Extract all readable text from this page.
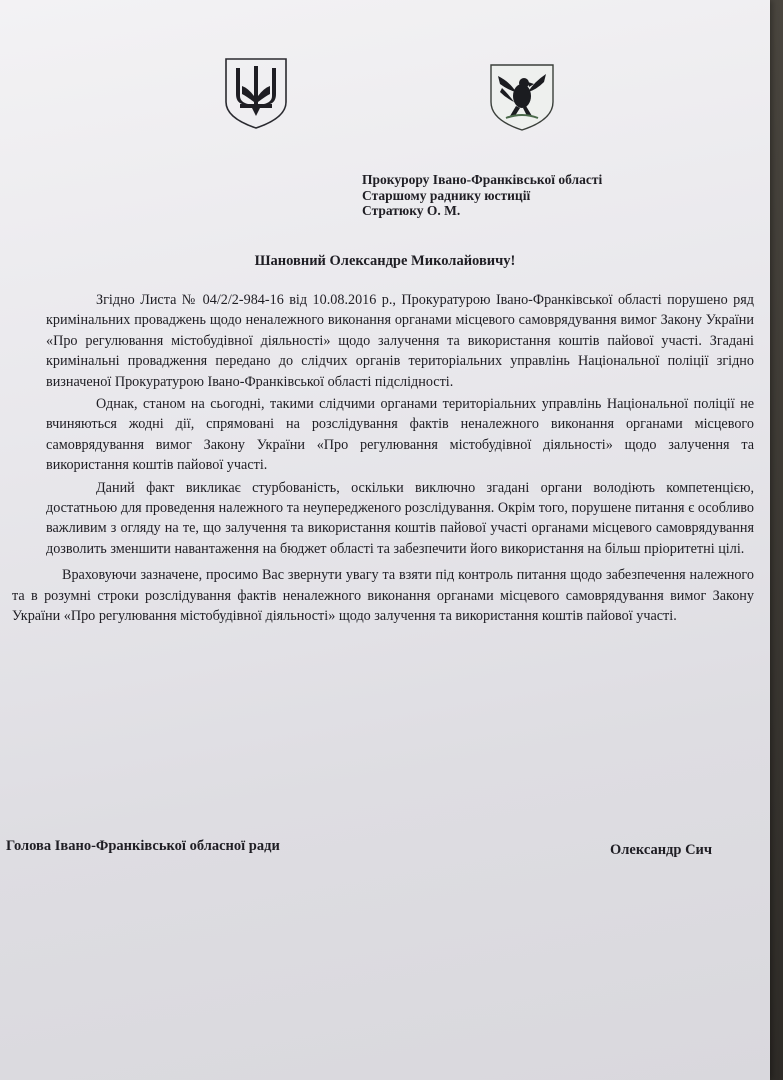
Прокурору Івано-Франківської області
Старшому раднику юстиції
Стратюку О. М.
Шановний Олександре Миколайовичу!

Згідно Листа № 04/2/2-984-16 від 10.08.2016 р., Прокуратурою Івано-Франківської області порушено ряд кримінальних проваджень щодо неналежного виконання органами місцевого самоврядування вимог Закону України «Про регулювання містобудівної діяльності» щодо залучення та використання коштів пайової участі. Згадані кримінальні провадження передано до слідчих органів територіальних управлінь Національної поліції згідно визначеної Прокуратурою Івано-Франківської області підслідності.

Однак, станом на сьогодні, такими слідчими органами територіальних управлінь Національної поліції не вчиняються жодні дії, спрямовані на розслідування фактів неналежного виконання органами місцевого самоврядування вимог Закону України «Про регулювання містобудівної діяльності» щодо залучення та використання коштів пайової участі.

Даний факт викликає стурбованість, оскільки виключно згадані органи володіють компетенцією, достатньою для проведення належного та неупередженого розслідування. Окрім того, порушене питання є особливо важливим з огляду на те, що залучення та використання коштів пайової участі органами місцевого самоврядування дозволить зменшити навантаження на бюджет області та забезпечити його використання на більш пріоритетні цілі.

Враховуючи зазначене, просимо Вас звернути увагу та взяти під контроль питання щодо забезпечення належного та в розумні строки розслідування фактів неналежного виконання органами місцевого самоврядування вимог Закону України «Про регулювання містобудівної діяльності» щодо залучення та використання коштів пайової участі.

Голова Івано-Франківської обласної ради	Олександр Сич
